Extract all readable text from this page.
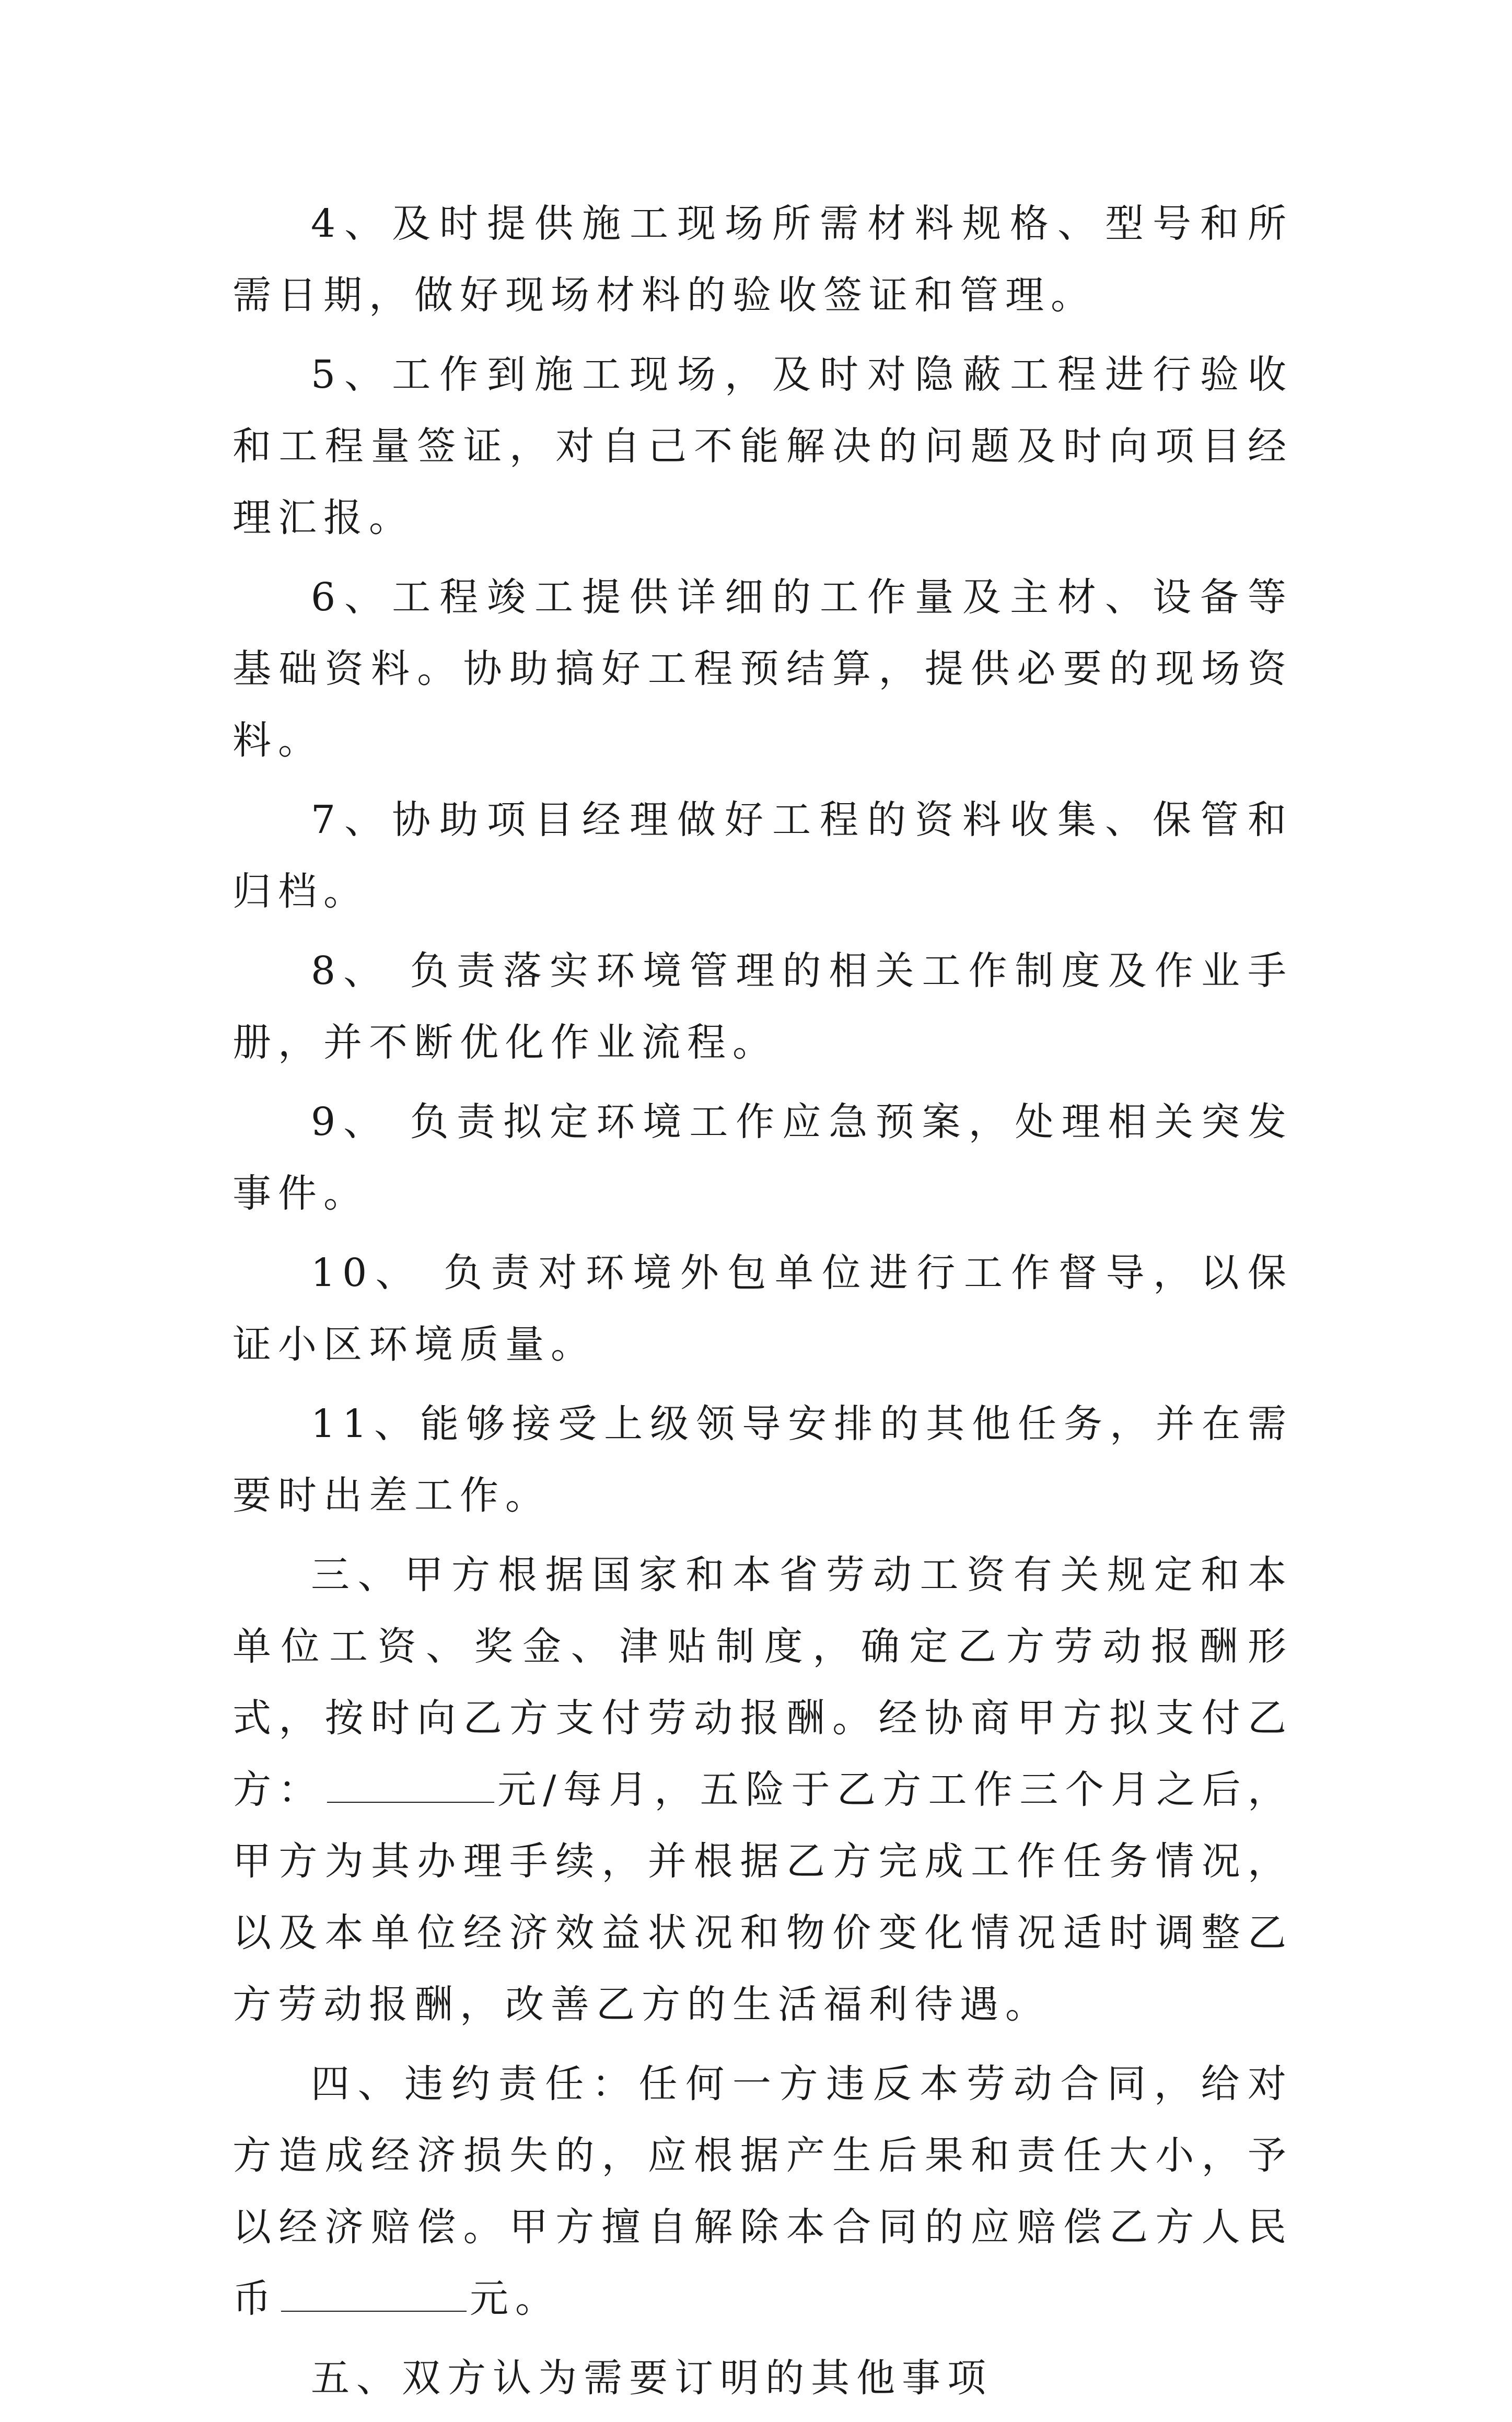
4、及时提供施工现场所需材料规格、型号和所需日期，做好现场材料的验收签证和管理。

5、工作到施工现场，及时对隐蔽工程进行验收和工程量签证，对自己不能解决的问题及时向项目经理汇报。

6、工程竣工提供详细的工作量及主材、设备等基础资料。协助搞好工程预结算，提供必要的现场资料。

7、协助项目经理做好工程的资料收集、保管和归档。

8、 负责落实环境管理的相关工作制度及作业手册，并不断优化作业流程。

9、 负责拟定环境工作应急预案，处理相关突发事件。

10、 负责对环境外包单位进行工作督导，以保证小区环境质量。

11、能够接受上级领导安排的其他任务，并在需要时出差工作。

三、甲方根据国家和本省劳动工资有关规定和本单位工资、奖金、津贴制度，确定乙方劳动报酬形式，按时向乙方支付劳动报酬。经协商甲方拟支付乙方：	元/每月，五险于乙方工作三个月之后，甲方为其办理手续，并根据乙方完成工作任务情况，以及本单位经济效益状况和物价变化情况适时调整乙方劳动报酬，改善乙方的生活福利待遇。

四、违约责任：任何一方违反本劳动合同，给对方造成经济损失的，应根据产生后果和责任大小，予以经济赔偿。甲方擅自解除本合同的应赔偿乙方人民币	元。

五、双方认为需要订明的其他事项
